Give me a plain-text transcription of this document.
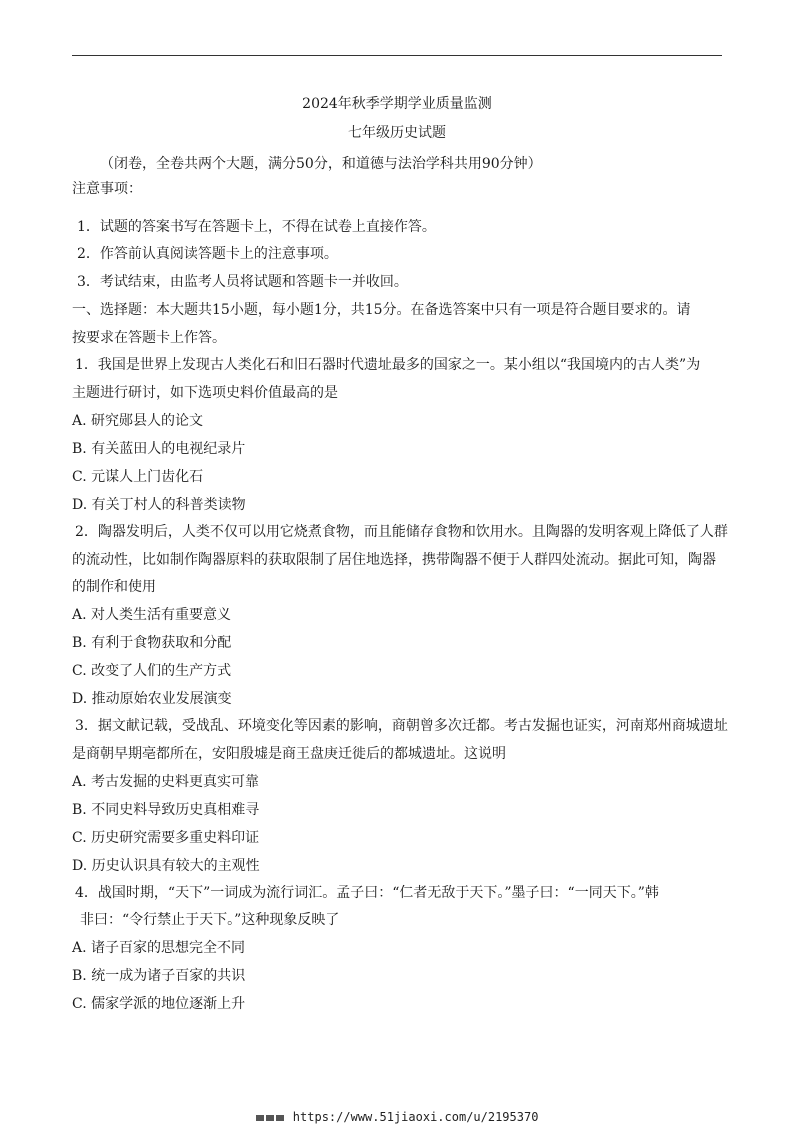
2024年秋季学期学业质量监测
七年级历史试题
（闭卷，全卷共两个大题，满分50分，和道德与法治学科共用90分钟）
注意事项：
1．试题的答案书写在答题卡上，不得在试卷上直接作答。
2．作答前认真阅读答题卡上的注意事项。
3．考试结束，由监考人员将试题和答题卡一并收回。
一、选择题：本大题共15小题，每小题1分，共15分。在备选答案中只有一项是符合题目要求的。请
按要求在答题卡上作答。
1．我国是世界上发现古人类化石和旧石器时代遗址最多的国家之一。某小组以“我国境内的古人类”为
主题进行研讨，如下选项史料价值最高的是
A. 研究郧县人的论文
B. 有关蓝田人的电视纪录片
C. 元谋人上门齿化石
D. 有关丁村人的科普类读物
2．陶器发明后，人类不仅可以用它烧煮食物，而且能储存食物和饮用水。且陶器的发明客观上降低了人群
的流动性，比如制作陶器原料的获取限制了居住地选择，携带陶器不便于人群四处流动。据此可知，陶器
的制作和使用
A. 对人类生活有重要意义
B. 有利于食物获取和分配
C. 改变了人们的生产方式
D. 推动原始农业发展演变
3．据文献记载，受战乱、环境变化等因素的影响，商朝曾多次迁都。考古发掘也证实，河南郑州商城遗址
是商朝早期亳都所在，安阳殷墟是商王盘庚迁徙后的都城遗址。这说明
A. 考古发掘的史料更真实可靠
B. 不同史料导致历史真相难寻
C. 历史研究需要多重史料印证
D. 历史认识具有较大的主观性
4．战国时期，“天下”一词成为流行词汇。孟子曰：“仁者无敌于天下。”墨子曰：“一同天下。”韩
非曰：“令行禁止于天下。”这种现象反映了
A. 诸子百家的思想完全不同
B. 统一成为诸子百家的共识
C. 儒家学派的地位逐渐上升
https://www.51jiaoxi.com/u/2195370
